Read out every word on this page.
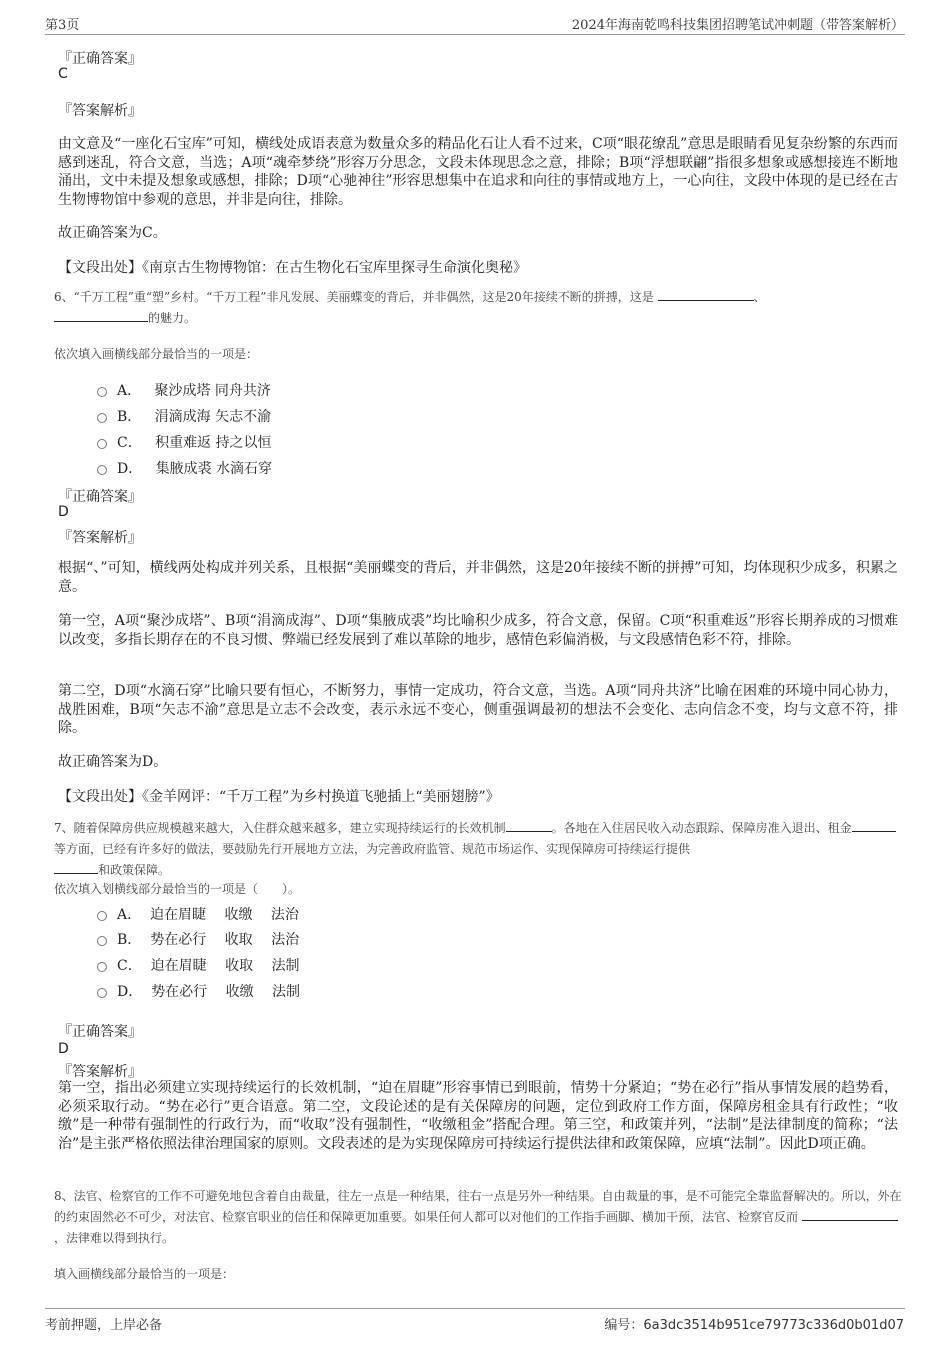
第3页	2024年海南乾鸣科技集团招聘笔试冲刺题（带答案解析）
『正确答案』
C
『答案解析』
由文意及“一座化石宝库”可知，横线处成语表意为数量众多的精品化石让人看不过来，C项“眼花缭乱”意思是眼睛看见复杂纷繁的东西而感到迷乱，符合文意，当选；A项“魂牵梦绕”形容万分思念，文段未体现思念之意，排除；B项“浮想联翩”指很多想象或感想接连不断地涌出，文中未提及想象或感想，排除；D项“心驰神往”形容思想集中在追求和向往的事情或地方上，一心向往，文段中体现的是已经在古生物博物馆中参观的意思，并非是向往，排除。
故正确答案为C。
【文段出处】《南京古生物博物馆：在古生物化石宝库里探寻生命演化奥秘》
6、“千万工程”重“塑”乡村。“千万工程”非凡发展、美丽蝶变的背后，并非偶然，这是20年接续不断的拼搏，这是	、
的魅力。
依次填入画横线部分最恰当的一项是：
A． 聚沙成塔 同舟共济
B． 涓滴成海 矢志不渝
C． 积重难返 持之以恒
D． 集腋成裘 水滴石穿
『正确答案』
D
『答案解析』
根据“、”可知，横线两处构成并列关系，且根据“美丽蝶变的背后，并非偶然，这是20年接续不断的拼搏”可知，均体现积少成多，积累之意。
第一空，A项“聚沙成塔”、B项“涓滴成海”、D项“集腋成裘”均比喻积少成多，符合文意，保留。C项“积重难返”形容长期养成的习惯难以改变，多指长期存在的不良习惯、弊端已经发展到了难以革除的地步，感情色彩偏消极，与文段感情色彩不符，排除。
第二空，D项“水滴石穿”比喻只要有恒心，不断努力，事情一定成功，符合文意，当选。A项“同舟共济”比喻在困难的环境中同心协力，战胜困难，B项“矢志不渝”意思是立志不会改变，表示永远不变心，侧重强调最初的想法不会变化、志向信念不变，均与文意不符，排除。
故正确答案为D。
【文段出处】《金羊网评：“千万工程”为乡村换道飞驰插上“美丽翅膀”》
7、随着保障房供应规模越来越大，入住群众越来越多，建立实现持续运行的长效机制	。各地在入住居民收入动态跟踪、保障房准入退出、租金等方面，已经有许多好的做法，要鼓励先行开展地方立法，为完善政府监管、规范市场运作、实现保障房可持续运行提供
和政策保障。
依次填入划横线部分最恰当的一项是（　　）。
A． 迫在眉睫　 收缴　 法治
B． 势在必行　 收取　 法治
C． 迫在眉睫　 收取　 法制
D． 势在必行　 收缴　 法制
『正确答案』
D
『答案解析』
第一空，指出必须建立实现持续运行的长效机制，“迫在眉睫”形容事情已到眼前，情势十分紧迫；“势在必行”指从事情发展的趋势看，必须采取行动。“势在必行”更合语意。第二空，文段论述的是有关保障房的问题，定位到政府工作方面，保障房租金具有行政性；“收缴”是一种带有强制性的行政行为，而“收取”没有强制性，“收缴租金”搭配合理。第三空，和政策并列，“法制”是法律制度的简称；“法治”是主张严格依照法律治理国家的原则。文段表述的是为实现保障房可持续运行提供法律和政策保障，应填“法制”。因此D项正确。
8、法官、检察官的工作不可避免地包含着自由裁量，往左一点是一种结果，往右一点是另外一种结果。自由裁量的事，是不可能完全靠监督解决的。所以，外在的约束固然必不可少，对法官、检察官职业的信任和保障更加重要。如果任何人都可以对他们的工作指手画脚、横加干预，法官、检察官反而 ，法律难以得到执行。
填入画横线部分最恰当的一项是：
考前押题，上岸必备	编号：6a3dc3514b951ce79773c336d0b01d07
